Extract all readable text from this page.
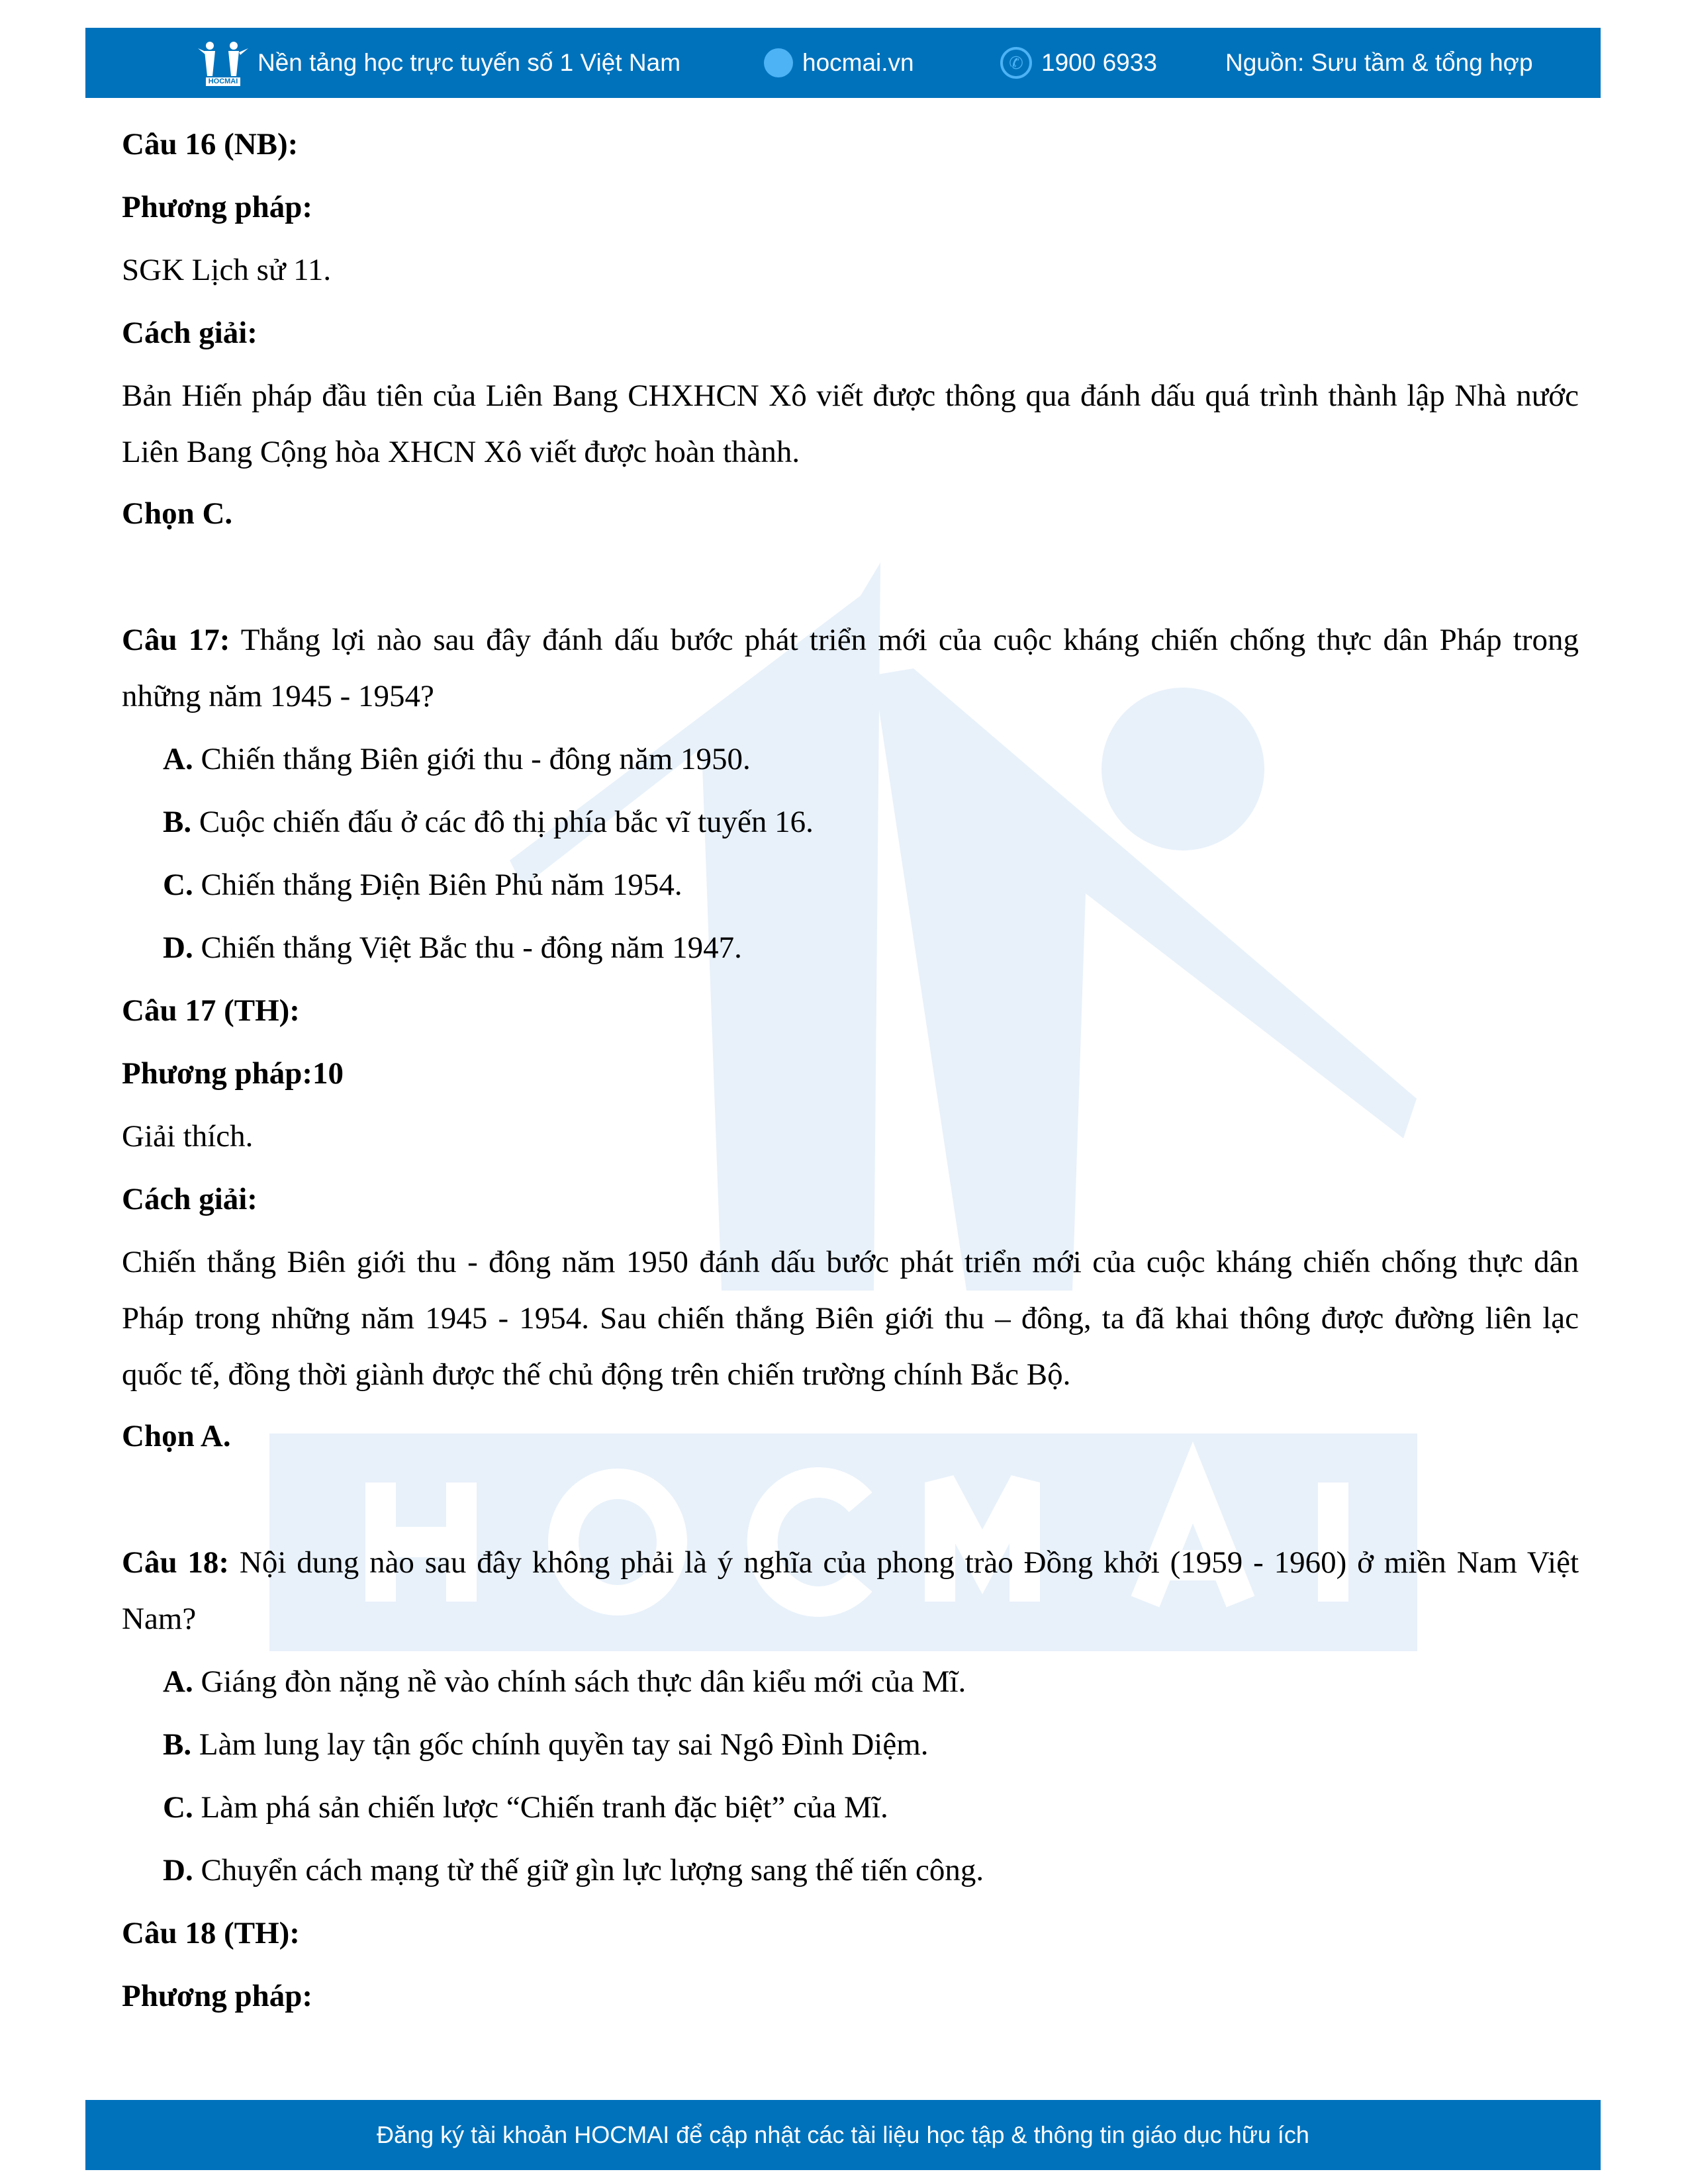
HOCMAI
Nền tảng học trực tuyến số 1 Việt Nam	hocmai.vn	✆ 1900 6933	Nguồn: Sưu tầm & tổng hợp
Câu 16 (NB):
Phương pháp:
SGK Lịch sử 11.
Cách giải:
Bản Hiến pháp đầu tiên của Liên Bang CHXHCN Xô viết được thông qua đánh dấu quá trình thành lập Nhà nước Liên Bang Cộng hòa XHCN Xô viết được hoàn thành.
Chọn C.
Câu 17: Thắng lợi nào sau đây đánh dấu bước phát triển mới của cuộc kháng chiến chống thực dân Pháp trong những năm 1945 - 1954?
A. Chiến thắng Biên giới thu - đông năm 1950.
B. Cuộc chiến đấu ở các đô thị phía bắc vĩ tuyến 16.
C. Chiến thắng Điện Biên Phủ năm 1954.
D. Chiến thắng Việt Bắc thu - đông năm 1947.
Câu 17 (TH):
Phương pháp:10
Giải thích.
Cách giải:
Chiến thắng Biên giới thu - đông năm 1950 đánh dấu bước phát triển mới của cuộc kháng chiến chống thực dân Pháp trong những năm 1945 - 1954. Sau chiến thắng Biên giới thu – đông, ta đã khai thông được đường liên lạc quốc tế, đồng thời giành được thế chủ động trên chiến trường chính Bắc Bộ.
Chọn A.
Câu 18: Nội dung nào sau đây không phải là ý nghĩa của phong trào Đồng khởi (1959 - 1960) ở miền Nam Việt Nam?
A. Giáng đòn nặng nề vào chính sách thực dân kiểu mới của Mĩ.
B. Làm lung lay tận gốc chính quyền tay sai Ngô Đình Diệm.
C. Làm phá sản chiến lược “Chiến tranh đặc biệt” của Mĩ.
D. Chuyển cách mạng từ thế giữ gìn lực lượng sang thế tiến công.
Câu 18 (TH):
Phương pháp:
Đăng ký tài khoản HOCMAI để cập nhật các tài liệu học tập & thông tin giáo dục hữu ích
